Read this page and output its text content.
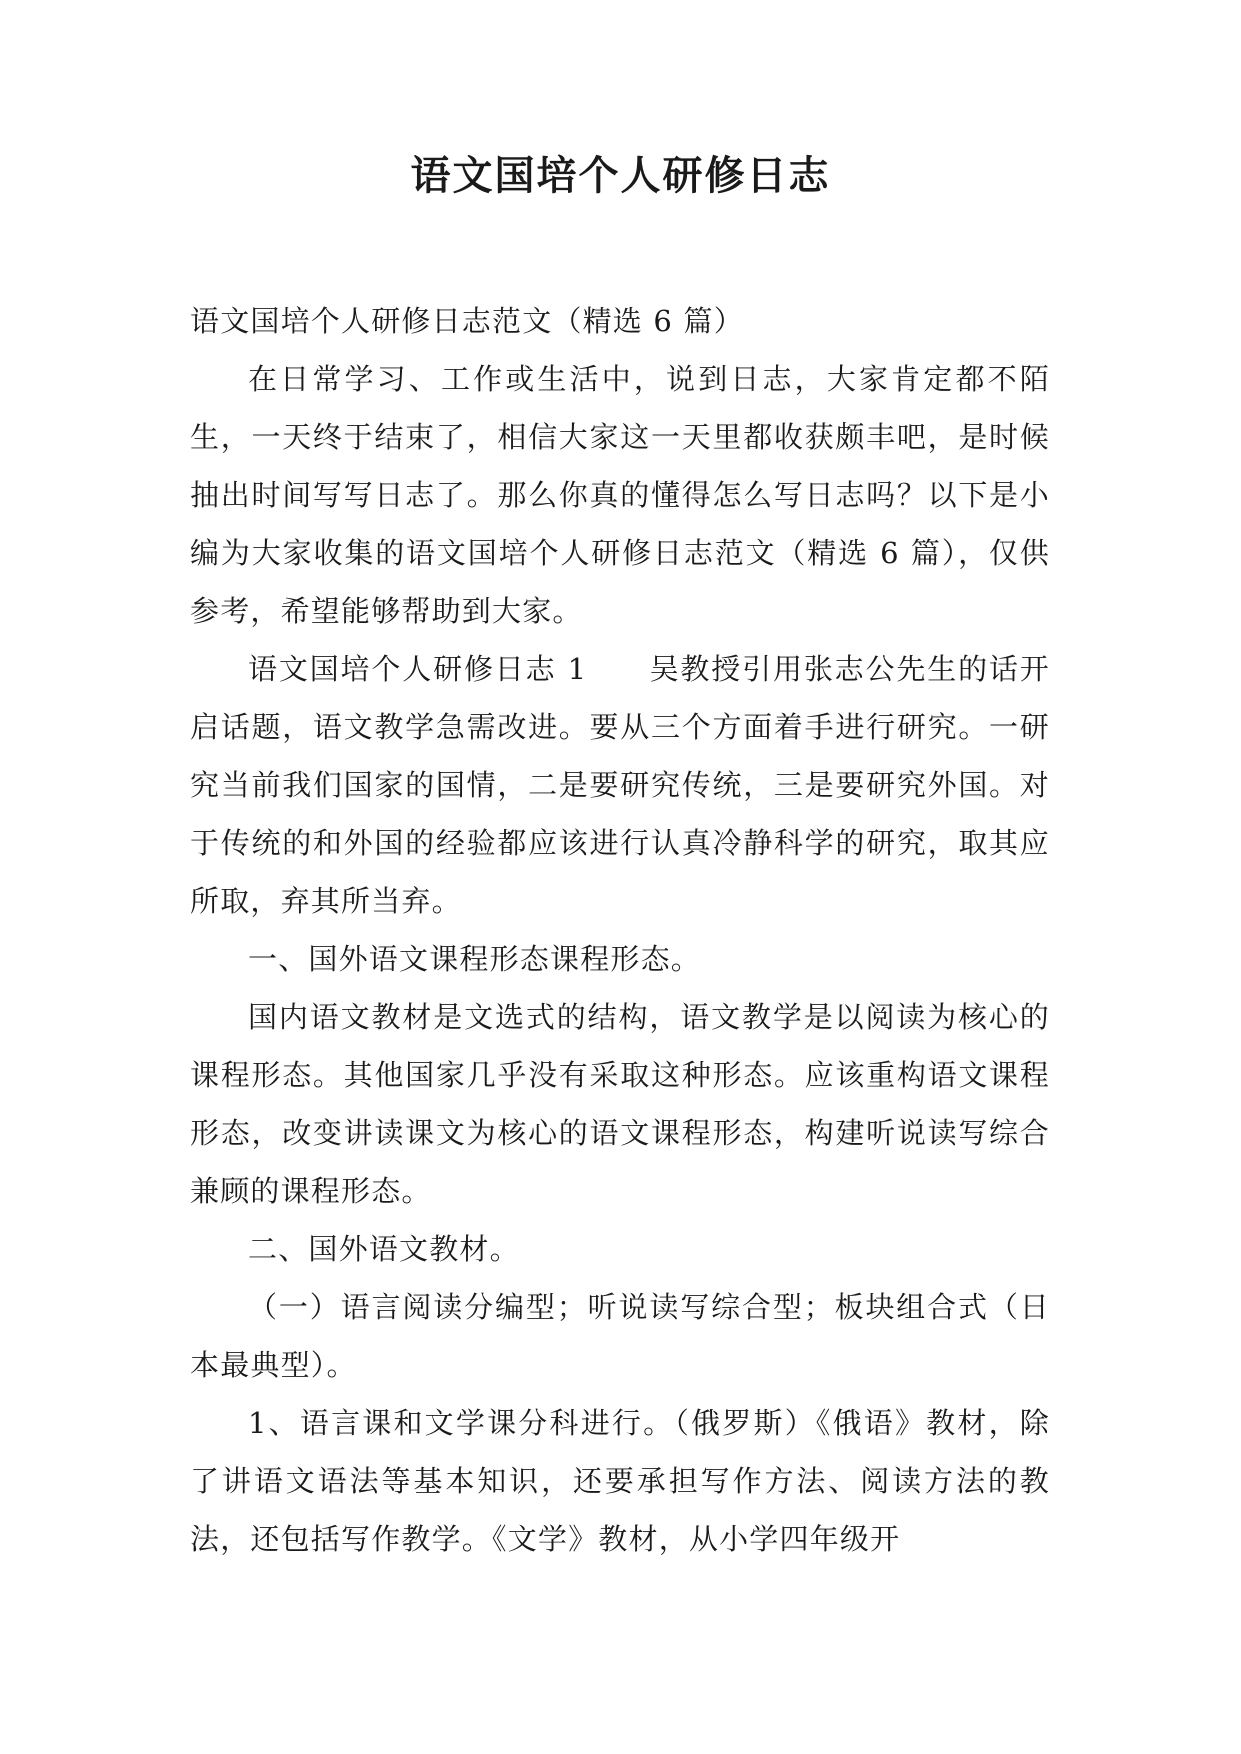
语文国培个人研修日志

语文国培个人研修日志范文（精选 6 篇）

在日常学习、工作或生活中，说到日志，大家肯定都不陌生，一天终于结束了，相信大家这一天里都收获颇丰吧，是时候抽出时间写写日志了。那么你真的懂得怎么写日志吗？以下是小编为大家收集的语文国培个人研修日志范文（精选 6 篇），仅供参考，希望能够帮助到大家。

语文国培个人研修日志 1　　吴教授引用张志公先生的话开启话题，语文教学急需改进。要从三个方面着手进行研究。一研究当前我们国家的国情，二是要研究传统，三是要研究外国。对于传统的和外国的经验都应该进行认真冷静科学的研究，取其应所取，弃其所当弃。

一、国外语文课程形态课程形态。

国内语文教材是文选式的结构，语文教学是以阅读为核心的课程形态。其他国家几乎没有采取这种形态。应该重构语文课程形态，改变讲读课文为核心的语文课程形态，构建听说读写综合兼顾的课程形态。

二、国外语文教材。

（一）语言阅读分编型；听说读写综合型；板块组合式（日本最典型）。

1、语言课和文学课分科进行。（俄罗斯）《俄语》教材，除了讲语文语法等基本知识，还要承担写作方法、阅读方法的教法，还包括写作教学。《文学》教材，从小学四年级开
